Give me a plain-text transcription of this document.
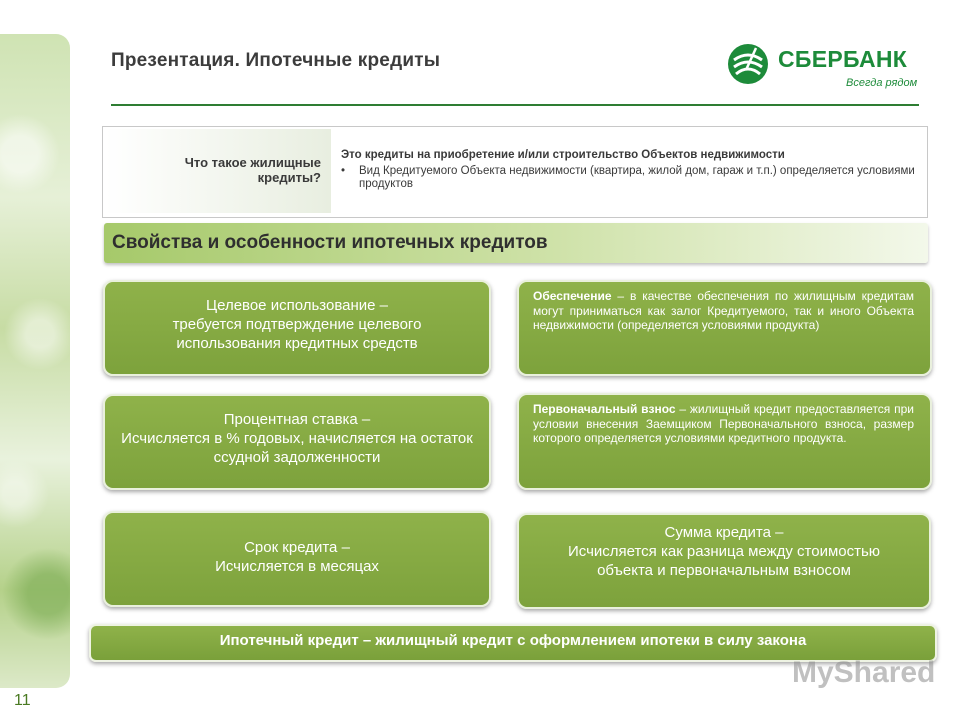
11
Презентация. Ипотечные кредиты	СБЕРБАНК
Всегда рядом
Что такое жилищные кредиты?
Это кредиты на приобретение и/или строительство Объектов недвижимости
•	Вид Кредитуемого Объекта недвижимости (квартира, жилой дом, гараж и т.п.) определяется условиями продуктов
Свойства и особенности ипотечных кредитов
Целевое использование –
требуется подтверждение целевого использования кредитных средств
Обеспечение – в качестве обеспечения по жилищным кредитам могут приниматься как залог Кредитуемого, так и иного Объекта недвижимости (определяется условиями продукта)
Процентная ставка –
Исчисляется в % годовых, начисляется на остаток ссудной задолженности
Первоначальный взнос – жилищный кредит предоставляется при условии внесения Заемщиком Первоначального взноса, размер которого определяется условиями кредитного продукта.
Срок кредита –
Исчисляется в месяцах
Сумма кредита –
Исчисляется как разница между стоимостью объекта и первоначальным взносом
Ипотечный кредит – жилищный кредит с оформлением ипотеки в силу закона
MyShared
